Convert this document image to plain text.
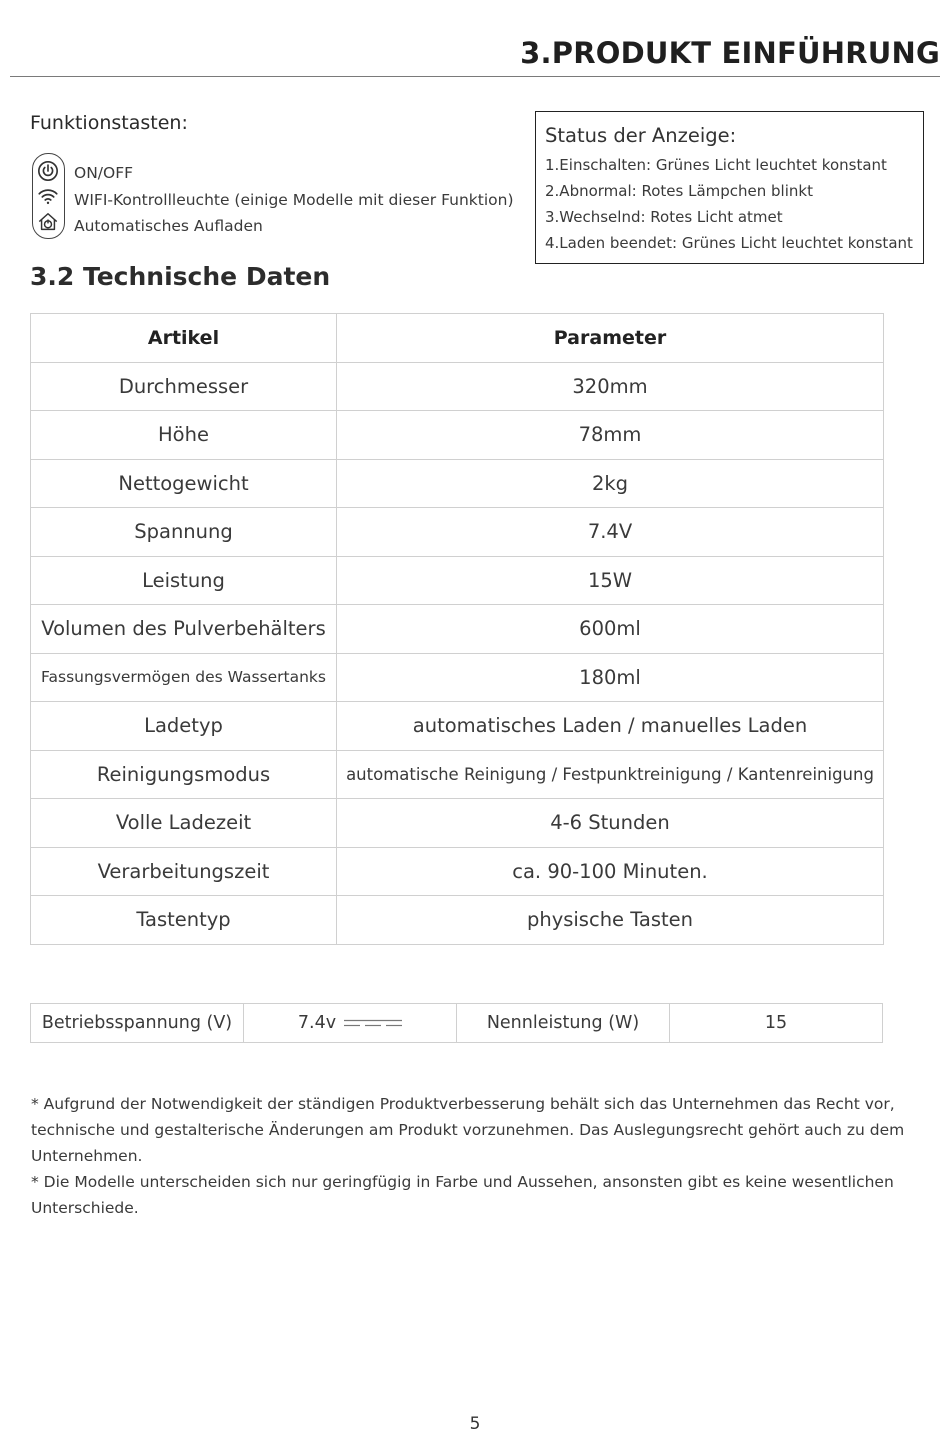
3.PRODUKT EINFÜHRUNG
Funktionstasten:
ON/OFF
WIFI-Kontrollleuchte (einige Modelle mit dieser Funktion)
Automatisches Aufladen
Status der Anzeige:
1.Einschalten: Grünes Licht leuchtet konstant
2.Abnormal: Rotes Lämpchen blinkt
3.Wechselnd: Rotes Licht atmet
4.Laden beendet: Grünes Licht leuchtet konstant
3.2 Technische Daten
Artikel	Parameter
Durchmesser	320mm
Höhe	78mm
Nettogewicht	2kg
Spannung	7.4V
Leistung	15W
Volumen des Pulverbehälters	600ml
Fassungsvermögen des Wassertanks	180ml
Ladetyp	automatisches Laden / manuelles Laden
Reinigungsmodus	automatische Reinigung / Festpunktreinigung / Kantenreinigung
Volle Ladezeit	4-6 Stunden
Verarbeitungszeit	ca. 90-100 Minuten.
Tastentyp	physische Tasten
Betriebsspannung (V)	7.4v	Nennleistung (W)	15

* Aufgrund der Notwendigkeit der ständigen Produktverbesserung behält sich das Unternehmen das Recht vor, technische und gestalterische Änderungen am Produkt vorzunehmen. Das Auslegungsrecht gehört auch zu dem Unternehmen.

* Die Modelle unterscheiden sich nur geringfügig in Farbe und Aussehen, ansonsten gibt es keine wesentlichen Unterschiede.

5
